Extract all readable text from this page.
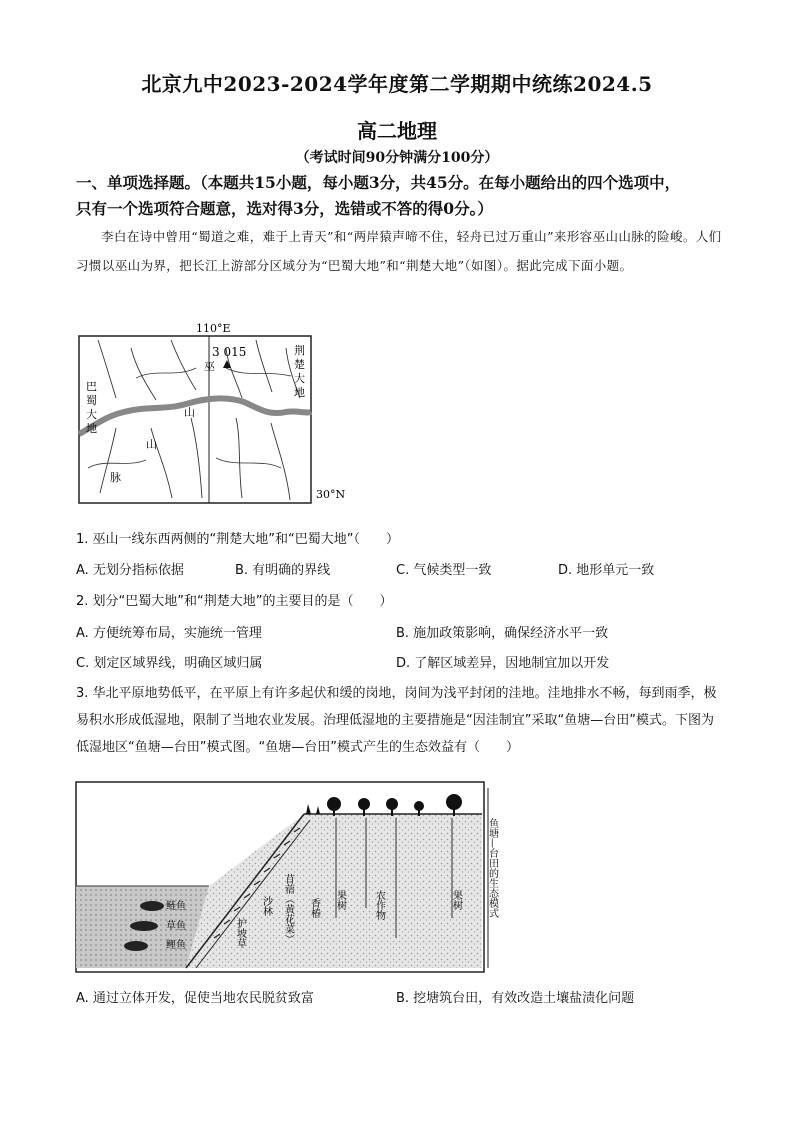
北京九中2023-2024学年度第二学期期中统练2024.5
高二地理
（考试时间90分钟满分100分）
一、单项选择题。（本题共15小题，每小题3分，共45分。在每小题给出的四个选项中，
只有一个选项符合题意，选对得3分，选错或不答的得0分。）
李白在诗中曾用“蜀道之难，难于上青天”和“两岸猿声啼不住，轻舟已过万重山”来形容巫山山脉的险峻。人们习惯以巫山为界，把长江上游部分区域分为“巴蜀大地”和“荆楚大地”（如图）。据此完成下面小题。
3 015
巫
110°E
30°N
巴
蜀
大
地
荆
楚
大
地
山
山
脉
1. 巫山一线东西两侧的“荆楚大地”和“巴蜀大地”（　　）
A. 无划分指标依据	B. 有明确的界线	C. 气候类型一致	D. 地形单元一致
2. 划分“巴蜀大地”和“荆楚大地”的主要目的是（　　）
A. 方便统筹布局，实施统一管理	B. 施加政策影响，确保经济水平一致
C. 划定区域界线，明确区域归属	D. 了解区域差异，因地制宜加以开发
3. 华北平原地势低平，在平原上有许多起伏和缓的岗地，岗间为浅平封闭的洼地。洼地排水不畅，每到雨季，极易积水形成低湿地，限制了当地农业发展。治理低湿地的主要措施是“因洼制宜”采取“鱼塘—台田”模式。下图为低湿地区“鱼塘—台田”模式图。“鱼塘—台田”模式产生的生态效益有（　　）
鲢鱼
草鱼
鲤鱼	护坡草
沙林 苜蓿（黄花菜） 香椿 果树	农作物	果树	鱼塘—台田的生态模式
A. 通过立体开发，促使当地农民脱贫致富	B. 挖塘筑台田，有效改造土壤盐渍化问题
